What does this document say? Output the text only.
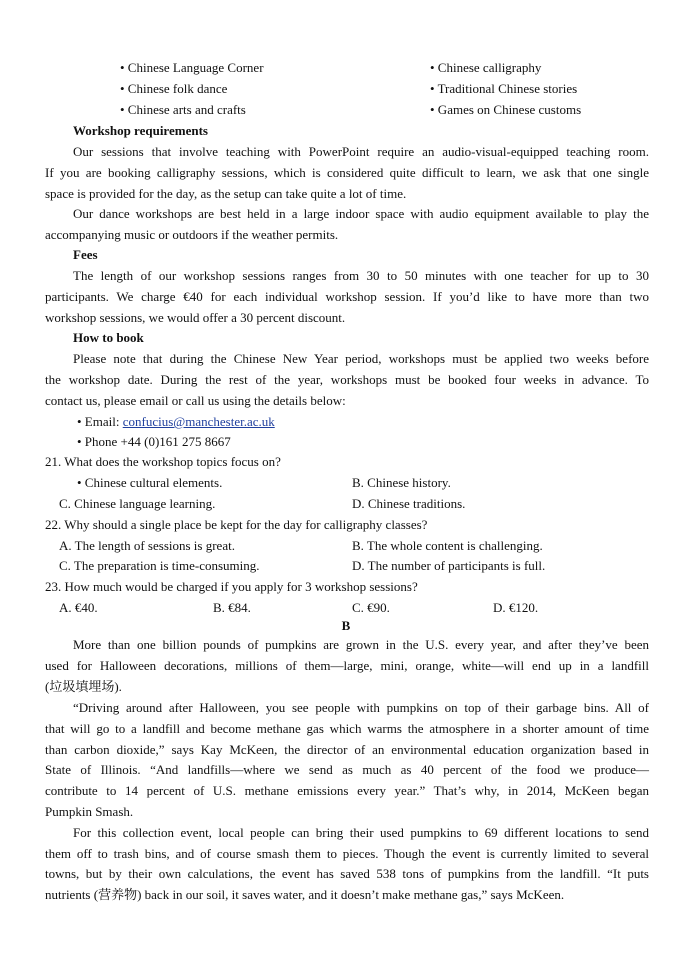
• Chinese Language Corner	• Chinese calligraphy
• Chinese folk dance	• Traditional Chinese stories
• Chinese arts and crafts	• Games on Chinese customs
Workshop requirements
Our sessions that involve teaching with PowerPoint require an audio-visual-equipped teaching room.
If you are booking calligraphy sessions, which is considered quite difficult to learn, we ask that one single
space is provided for the day, as the setup can take quite a lot of time.
Our dance workshops are best held in a large indoor space with audio equipment available to play the
accompanying music or outdoors if the weather permits.
Fees
The length of our workshop sessions ranges from 30 to 50 minutes with one teacher for up to 30
participants. We charge €40 for each individual workshop session. If you’d like to have more than two
workshop sessions, we would offer a 30 percent discount.
How to book
Please note that during the Chinese New Year period, workshops must be applied two weeks before
the workshop date. During the rest of the year, workshops must be booked four weeks in advance. To
contact us, please email or call us using the details below:
• Email: confucius@manchester.ac.uk
• Phone +44 (0)161 275 8667
21. What does the workshop topics focus on?
• Chinese cultural elements.	B. Chinese history.
C. Chinese language learning.	D. Chinese traditions.
22. Why should a single place be kept for the day for calligraphy classes?
A. The length of sessions is great.	B. The whole content is challenging.
C. The preparation is time-consuming.	D. The number of participants is full.
23. How much would be charged if you apply for 3 workshop sessions?
A. €40.	B. €84.	C. €90.	D. €120.
B
More than one billion pounds of pumpkins are grown in the U.S. every year, and after they’ve been
used for Halloween decorations, millions of them—large, mini, orange, white—will end up in a landfill
(垃圾填埋场).
“Driving around after Halloween, you see people with pumpkins on top of their garbage bins. All of
that will go to a landfill and become methane gas which warms the atmosphere in a shorter amount of time
than carbon dioxide,” says Kay McKeen, the director of an environmental education organization based in
State of Illinois. “And landfills—where we send as much as 40 percent of the food we produce—
contribute to 14 percent of U.S. methane emissions every year.” That’s why, in 2014, McKeen began
Pumpkin Smash.
For this collection event, local people can bring their used pumpkins to 69 different locations to send
them off to trash bins, and of course smash them to pieces. Though the event is currently limited to several
towns, but by their own calculations, the event has saved 538 tons of pumpkins from the landfill. “It puts
nutrients (营养物) back in our soil, it saves water, and it doesn’t make methane gas,” says McKeen.
